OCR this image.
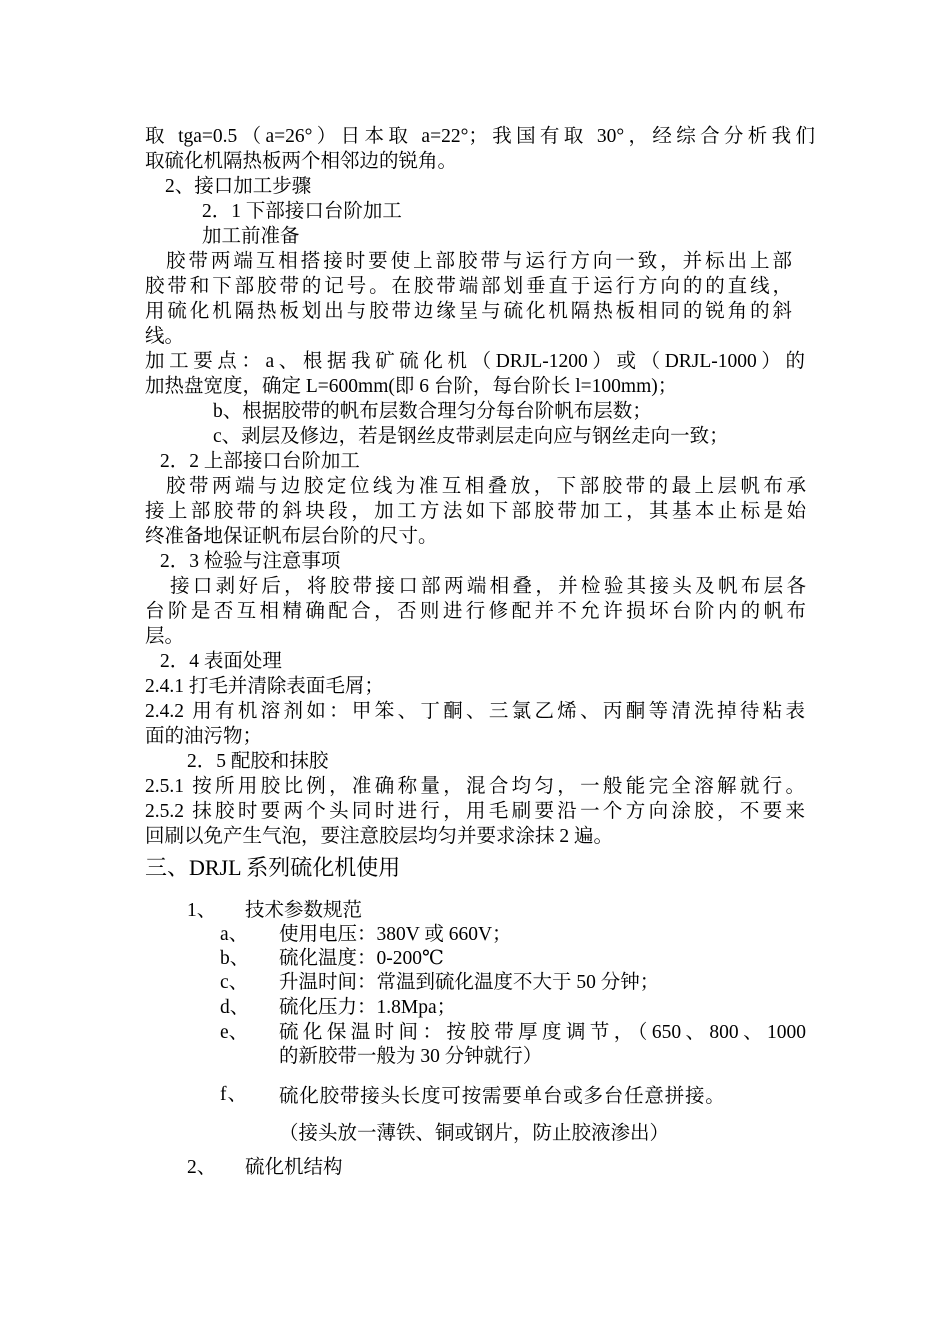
取 tga=0.5（a=26°）日本取 a=22°；我国有取 30°，经综合分析我们
取硫化机隔热板两个相邻边的锐角。
2、接口加工步骤
2．1 下部接口台阶加工
加工前准备
胶带两端互相搭接时要使上部胶带与运行方向一致，并标出上部
胶带和下部胶带的记号。在胶带端部划垂直于运行方向的的直线，
用硫化机隔热板划出与胶带边缘呈与硫化机隔热板相同的锐角的斜
线。
加工要点：a、根据我矿硫化机（DRJL-1200）或（DRJL-1000）的
加热盘宽度，确定 L=600mm(即 6 台阶，每台阶长 l=100mm)；
b、根据胶带的帆布层数合理匀分每台阶帆布层数；
c、剥层及修边，若是钢丝皮带剥层走向应与钢丝走向一致；
2．2 上部接口台阶加工
胶带两端与边胶定位线为准互相叠放，下部胶带的最上层帆布承
接上部胶带的斜块段，加工方法如下部胶带加工，其基本止标是始
终准备地保证帆布层台阶的尺寸。
2．3 检验与注意事项
接口剥好后，将胶带接口部两端相叠，并检验其接头及帆布层各
台阶是否互相精确配合，否则进行修配并不允许损坏台阶内的帆布
层。
2．4 表面处理
2.4.1 打毛并清除表面毛屑；
2.4.2 用有机溶剂如：甲笨、丁酮、三氯乙烯、丙酮等清洗掉待粘表
面的油污物；
2．5 配胶和抹胶
2.5.1 按所用胶比例，准确称量，混合均匀，一般能完全溶解就行。
2.5.2 抹胶时要两个头同时进行，用毛刷要沿一个方向涂胶，不要来
回刷以免产生气泡，要注意胶层均匀并要求涂抹 2 遍。
三、DRJL 系列硫化机使用
1、 技术参数规范
a、 使用电压：380V 或 660V；
b、 硫化温度：0-200℃
c、 升温时间：常温到硫化温度不大于 50 分钟；
d、 硫化压力：1.8Mpa；
e、 硫化保温时间：按胶带厚度调节，（650、800、1000
的新胶带一般为 30 分钟就行）
f、 硫化胶带接头长度可按需要单台或多台任意拼接。
（接头放一薄铁、铜或钢片，防止胶液渗出）
2、 硫化机结构
